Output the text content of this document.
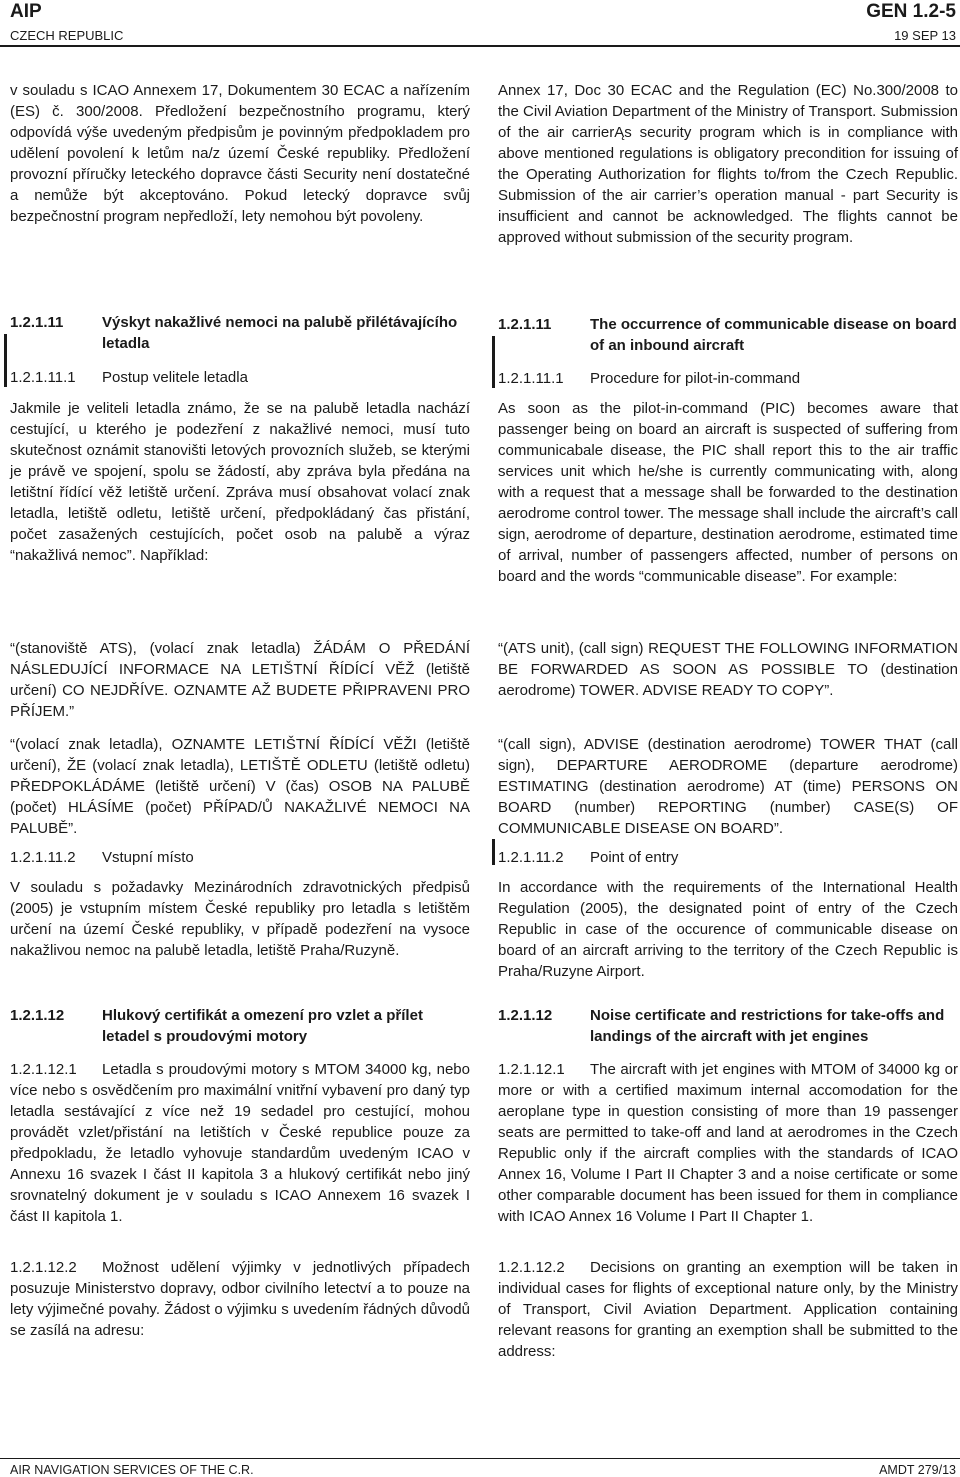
AIP
CZECH REPUBLIC
GEN 1.2-5
19 SEP 13
v souladu s ICAO Annexem 17, Dokumentem 30 ECAC a nařízením (ES) č. 300/2008. Předložení bezpečnostního programu, který odpovídá výše uvedeným předpisům je povinným předpokladem pro udělení povolení k letům na/z území České republiky. Předložení provozní příručky leteckého dopravce části Security není dostatečné a nemůže být akceptováno. Pokud letecký dopravce svůj bezpečnostní program nepředloží, lety nemohou být povoleny.
1.2.1.11	Výskyt nakažlivé nemoci na palubě přilétávajícího letadla
1.2.1.11.1 Postup velitele letadla
Jakmile je veliteli letadla známo, že se na palubě letadla nachází cestující, u kterého je podezření z nakažlivé nemoci, musí tuto skutečnost oznámit stanovišti letových provozních služeb, se kterými je právě ve spojení, spolu se žádostí, aby zpráva byla předána na letištní řídící věž letiště určení. Zpráva musí obsahovat volací znak letadla, letiště odletu, letiště určení, předpokládaný čas přistání, počet zasažených cestujících, počet osob na palubě a výraz “nakažlivá nemoc”. Například:
“(stanoviště ATS), (volací znak letadla) ŽÁDÁM O PŘEDÁNÍ NÁSLEDUJÍCÍ INFORMACE NA LETIŠTNÍ ŘÍDÍCÍ VĚŽ (letiště určení) CO NEJDŘÍVE. OZNAMTE AŽ BUDETE PŘIPRAVENI PRO PŘÍJEM.”
“(volací znak letadla), OZNAMTE LETIŠTNÍ ŘÍDÍCÍ VĚŽI (letiště určení), ŽE (volací znak letadla), LETIŠTĚ ODLETU (letiště odletu) PŘEDPOKLÁDÁME (letiště určení) V (čas) OSOB NA PALUBĚ (počet) HLÁSÍME (počet) PŘÍPAD/Ů NAKAŽLIVÉ NEMOCI NA PALUBĚ”.
1.2.1.11.2 Vstupní místo
V souladu s požadavky Mezinárodních zdravotnických předpisů (2005) je vstupním místem České republiky pro letadla s letištěm určení na území České republiky, v případě podezření na vysoce nakažlivou nemoc na palubě letadla, letiště Praha/Ruzyně.
1.2.1.12	Hlukový certifikát a omezení pro vzlet a přílet letadel s proudovými motory
1.2.1.12.1 Letadla s proudovými motory s MTOM 34000 kg, nebo více nebo s osvědčením pro maximální vnitřní vybavení pro daný typ letadla sestávající z více než 19 sedadel pro cestující, mohou provádět vzlet/přistání na letištích v České republice pouze za předpokladu, že letadlo vyhovuje standardům uvedeným ICAO v Annexu 16 svazek I část II kapitola 3 a hlukový certifikát nebo jiný srovnatelný dokument je v souladu s ICAO Annexem 16 svazek I část II kapitola 1.
1.2.1.12.2 Možnost udělení výjimky v jednotlivých případech posuzuje Ministerstvo dopravy, odbor civilního letectví a to pouze na lety výjimečné povahy. Žádost o výjimku s uvedením řádných důvodů se zasílá na adresu:
Annex 17, Doc 30 ECAC and the Regulation (EC) No.300/2008 to the Civil Aviation Department of the Ministry of Transport. Submission of the air carrierĄs security program which is in compliance with above mentioned regulations is obligatory precondition for issuing of the Operating Authorization for flights to/from the Czech Republic. Submission of the air carrier’s operation manual - part Security is insufficient and cannot be acknowledged. The flights cannot be approved without submission of the security program.
1.2.1.11	The occurrence of communicable disease on board of an inbound aircraft
1.2.1.11.1 Procedure for pilot-in-command
As soon as the pilot-in-command (PIC) becomes aware that passenger being on board an aircraft is suspected of suffering from communicabale disease, the PIC shall report this to the air traffic services unit which he/she is currently communicating with, along with a request that a message shall be forwarded to the destination aerodrome control tower. The message shall include the aircraft’s call sign, aerodrome of departure, destination aerodrome, estimated time of arrival, number of passengers affected, number of persons on board and the words “communicable disease”. For example:
“(ATS unit), (call sign) REQUEST THE FOLLOWING INFORMATION BE FORWARDED AS SOON AS POSSIBLE TO (destination aerodrome) TOWER. ADVISE READY TO COPY”.
“(call sign), ADVISE (destination aerodrome) TOWER THAT (call sign), DEPARTURE AERODROME (departure aerodrome) ESTIMATING (destination aerodrome) AT (time) PERSONS ON BOARD (number) REPORTING (number) CASE(S) OF COMMUNICABLE DISEASE ON BOARD”.
1.2.1.11.2 Point of entry
In accordance with the requirements of the International Health Regulation (2005), the designated point of entry of the Czech Republic in case of the occurence of communicable disease on board of an aircraft arriving to the territory of the Czech Republic is Praha/Ruzyne Airport.
1.2.1.12	Noise certificate and restrictions for take-offs and landings of the aircraft with jet engines
1.2.1.12.1 The aircraft with jet engines with MTOM of 34000 kg or more or with a certified maximum internal accomodation for the aeroplane type in question consisting of more than 19 passenger seats are permitted to take-off and land at aerodromes in the Czech Republic only if the aircraft complies with the standards of ICAO Annex 16, Volume I Part II Chapter 3 and a noise certificate or some other comparable document has been issued for them in compliance with ICAO Annex 16 Volume I Part II Chapter 1.
1.2.1.12.2 Decisions on granting an exemption will be taken in individual cases for flights of exceptional nature only, by the Ministry of Transport, Civil Aviation Department. Application containing relevant reasons for granting an exemption shall be submitted to the address:
AIR NAVIGATION SERVICES OF THE C.R.	AMDT 279/13
